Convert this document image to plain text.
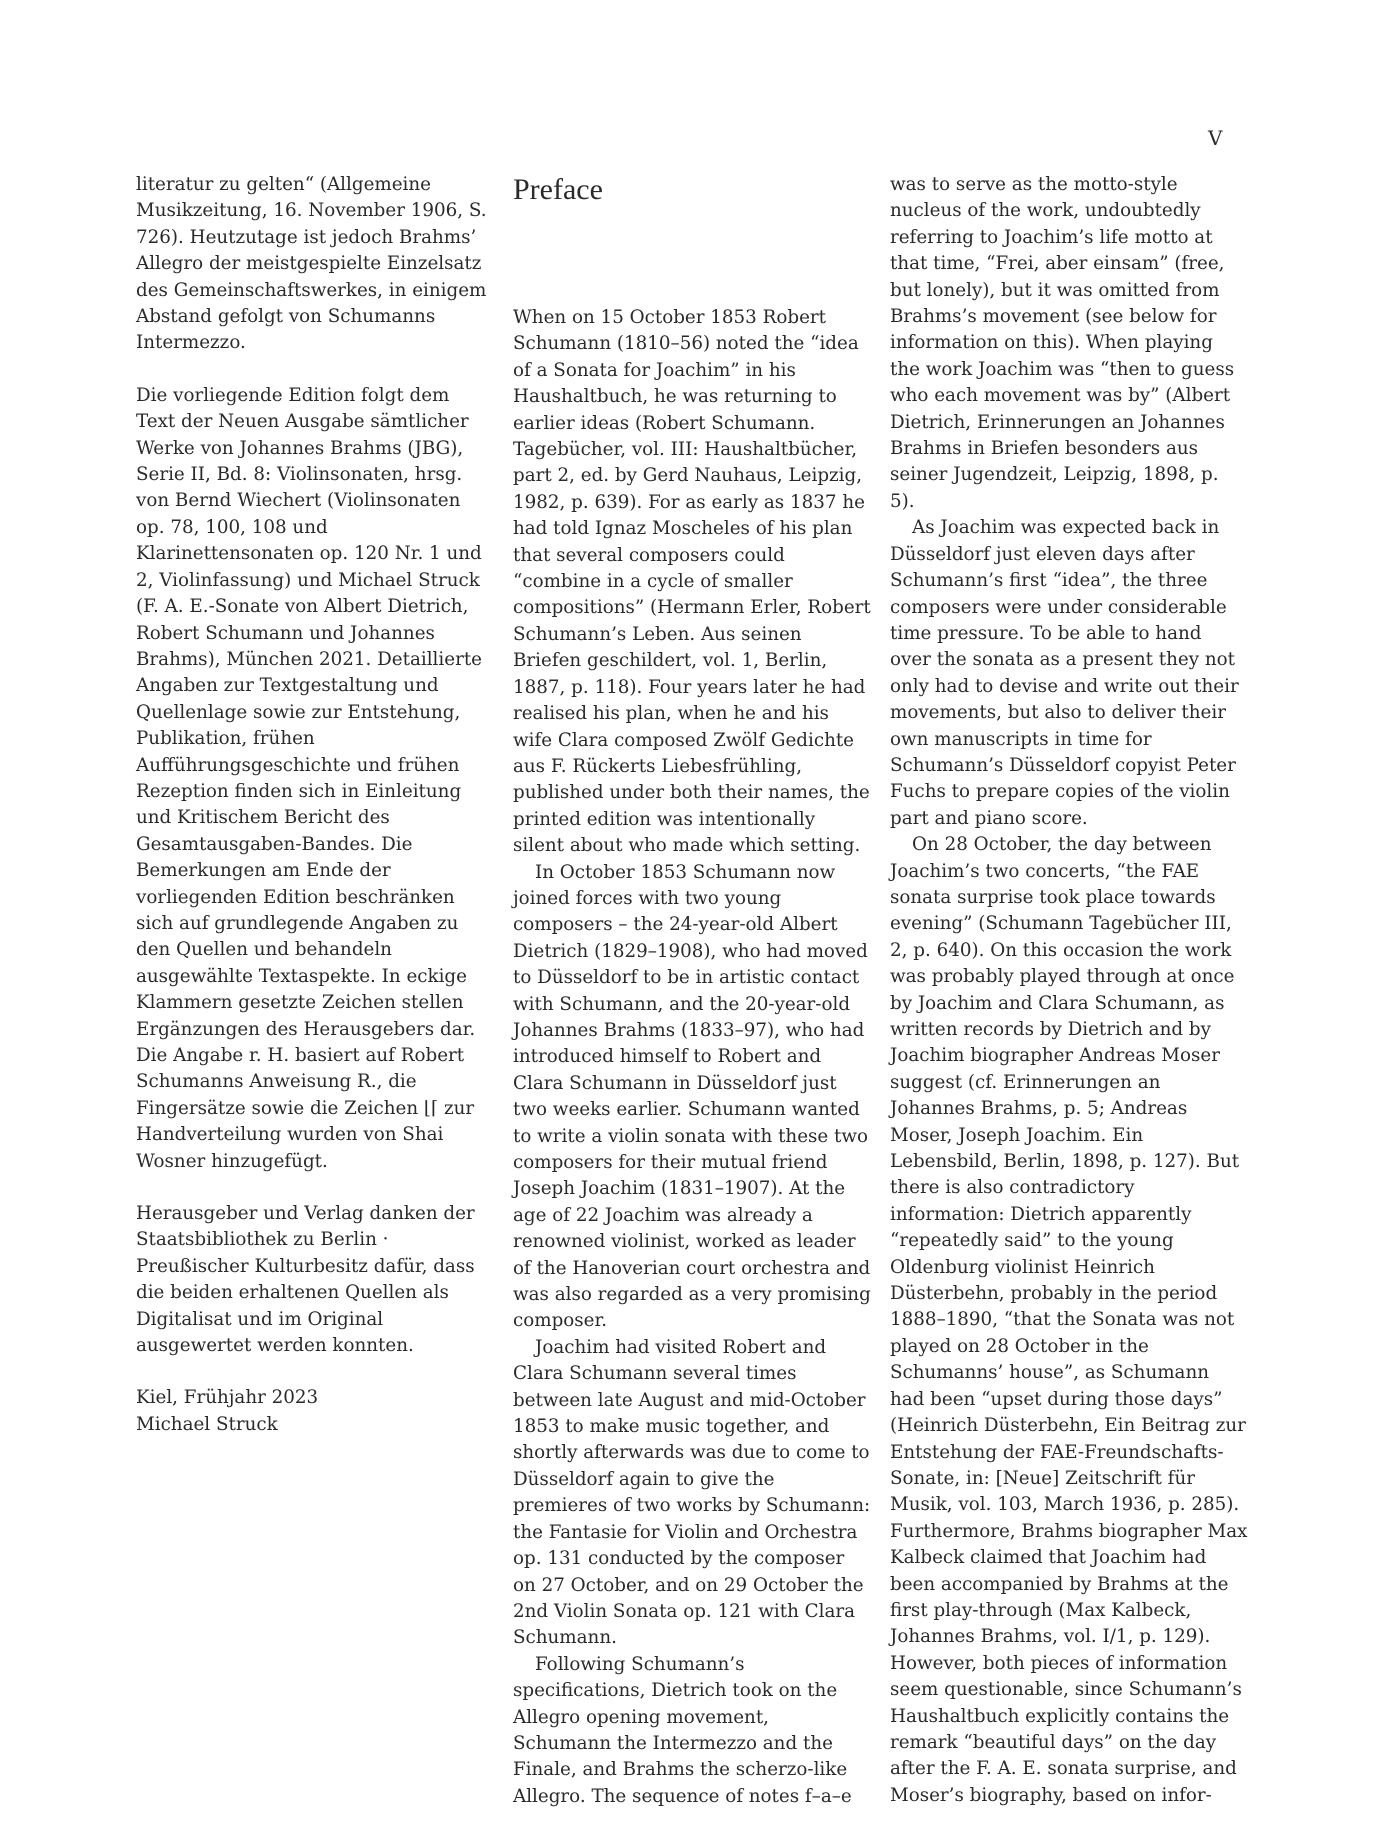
V

literatur zu gelten“ (Allgemeine Musikzeitung, 16. November 1906, S. 726). Heutzutage ist jedoch Brahms’ Allegro der meistgespielte Einzelsatz des Gemeinschaftswerkes, in einigem Abstand gefolgt von Schumanns Intermezzo.

Die vorliegende Edition folgt dem Text der Neuen Ausgabe sämtlicher Werke von Johannes Brahms (JBG), Serie II, Bd. 8: Violinsonaten, hrsg. von Bernd Wiechert (Violinsonaten op. 78, 100, 108 und Klarinettensonaten op. 120 Nr. 1 und 2, Violinfassung) und Michael Struck (F. A. E.-Sonate von Albert Dietrich, Robert Schumann und Johannes Brahms), München 2021. Detaillierte Angaben zur Textgestaltung und Quellenlage sowie zur Entstehung, Publikation, frühen Aufführungsgeschichte und frühen Rezeption finden sich in Einleitung und Kritischem Bericht des Gesamtausgaben-Bandes. Die Bemerkungen am Ende der vorliegenden Edition beschränken sich auf grundlegende Angaben zu den Quellen und behandeln ausgewählte Textaspekte. In eckige Klammern gesetzte Zeichen stellen Ergänzungen des Herausgebers dar. Die Angabe r. H. basiert auf Robert Schumanns Anweisung R., die Fingersätze sowie die Zeichen ⌊⌈ zur Handverteilung wurden von Shai Wosner hinzugefügt.

Herausgeber und Verlag danken der Staatsbibliothek zu Berlin · Preußischer Kulturbesitz dafür, dass die beiden erhaltenen Quellen als Digitalisat und im Original ausgewertet werden konnten.

Kiel, Frühjahr 2023

Michael Struck

Preface

When on 15 October 1853 Robert Schumann (1810–56) noted the “idea of a Sonata for Joachim” in his Haushaltbuch, he was returning to earlier ideas (Robert Schumann. Tagebücher, vol. III: Haushaltbücher, part 2, ed. by Gerd Nauhaus, Leipzig, 1982, p. 639). For as early as 1837 he had told Ignaz Moscheles of his plan that several composers could “combine in a cycle of smaller compositions” (Hermann Erler, Robert Schumann’s Leben. Aus seinen Briefen geschildert, vol. 1, Berlin, 1887, p. 118). Four years later he had realised his plan, when he and his wife Clara composed Zwölf Gedichte aus F. Rückerts Liebesfrühling, published under both their names, the printed edition was intentionally silent about who made which setting.

In October 1853 Schumann now joined forces with two young composers – the 24-year-old Albert Dietrich (1829–1908), who had moved to Düsseldorf to be in artistic contact with Schumann, and the 20-year-old Johannes Brahms (1833–97), who had introduced himself to Robert and Clara Schumann in Düsseldorf just two weeks earlier. Schumann wanted to write a violin sonata with these two composers for their mutual friend Joseph Joachim (1831–1907). At the age of 22 Joachim was already a renowned violinist, worked as leader of the Hanoverian court orchestra and was also regarded as a very promising composer.

Joachim had visited Robert and Clara Schumann several times between late August and mid-October 1853 to make music together, and shortly afterwards was due to come to Düsseldorf again to give the premieres of two works by Schumann: the Fantasie for Violin and Orchestra op. 131 conducted by the composer on 27 October, and on 29 October the 2nd Violin Sonata op. 121 with Clara Schumann.

Following Schumann’s specifications, Dietrich took on the Allegro opening movement, Schumann the Intermezzo and the Finale, and Brahms the scherzo-like Allegro. The sequence of notes f–a–e

was to serve as the motto-style nucleus of the work, undoubtedly referring to Joachim’s life motto at that time, “Frei, aber einsam” (free, but lonely), but it was omitted from Brahms’s movement (see below for information on this). When playing the work Joachim was “then to guess who each movement was by” (Albert Dietrich, Erinnerungen an Johannes Brahms in Briefen besonders aus seiner Jugendzeit, Leipzig, 1898, p. 5).

As Joachim was expected back in Düsseldorf just eleven days after Schumann’s first “idea”, the three composers were under considerable time pressure. To be able to hand over the sonata as a present they not only had to devise and write out their movements, but also to deliver their own manuscripts in time for Schumann’s Düsseldorf copyist Peter Fuchs to prepare copies of the violin part and piano score.

On 28 October, the day between Joachim’s two concerts, “the FAE sonata surprise took place towards evening” (Schumann Tagebücher III, 2, p. 640). On this occasion the work was probably played through at once by Joachim and Clara Schumann, as written records by Dietrich and by Joachim biographer Andreas Moser suggest (cf. Erinnerungen an Johannes Brahms, p. 5; Andreas Moser, Joseph Joachim. Ein Lebensbild, Berlin, 1898, p. 127). But there is also contradictory information: Dietrich apparently “repeatedly said” to the young Oldenburg violinist Heinrich Düsterbehn, probably in the period 1888–1890, “that the Sonata was not played on 28 October in the Schumanns’ house”, as Schumann had been “upset during those days” (Heinrich Düsterbehn, Ein Beitrag zur Entstehung der FAE-Freundschafts-Sonate, in: [Neue] Zeitschrift für Musik, vol. 103, March 1936, p. 285). Furthermore, Brahms biographer Max Kalbeck claimed that Joachim had been accompanied by Brahms at the first play-through (Max Kalbeck, Johannes Brahms, vol. I/1, p. 129). However, both pieces of information seem questionable, since Schumann’s Haushaltbuch explicitly contains the remark “beautiful days” on the day after the F. A. E. sonata surprise, and Moser’s biography, based on infor-
